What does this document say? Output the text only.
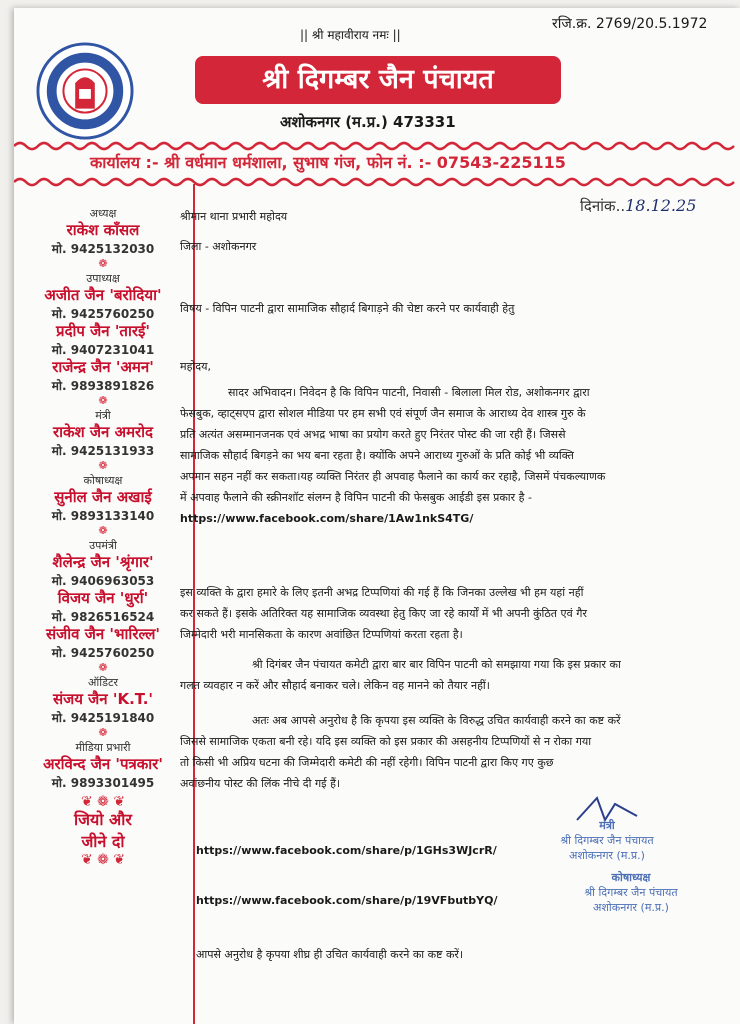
|| श्री महावीराय नमः ||
रजि.क्र. 2769/20.5.1972
श्री दिगम्बर जैन पंचायत
अशोकनगर (म.प्र.) 473331
कार्यालय :- श्री वर्धमान धर्मशाला, सुभाष गंज, फोन नं. :- 07543-225115
अध्यक्ष
राकेश काँसल
मो. 9425132030
❁
उपाध्यक्ष
अजीत जैन 'बरोदिया'
मो. 9425760250
प्रदीप जैन 'तारई'
मो. 9407231041
राजेन्द्र जैन 'अमन'
मो. 9893891826
❁
मंत्री
राकेश जैन अमरोद
मो. 9425131933
❁
कोषाध्यक्ष
सुनील जैन अखाई
मो. 9893133140
❁
उपमंत्री
शैलेन्द्र जैन 'श्रृंगार'
मो. 9406963053
विजय जैन 'धुर्रा'
मो. 9826516524
संजीव जैन 'भारिल्ल'
मो. 9425760250
❁
ऑडिटर
संजय जैन 'K.T.'
मो. 9425191840
❁
मीडिया प्रभारी
अरविन्द जैन 'पत्रकार'
मो. 9893301495
❦ ❁ ❦
जियो और
जीने दो
❦ ❁ ❦
दिनांक..18.12.25
श्रीमान थाना प्रभारी महोदय
जिला - अशोकनगर
विषय - विपिन पाटनी द्वारा सामाजिक सौहार्द बिगाड़ने की चेष्टा करने पर कार्यवाही हेतु
महोदय,
सादर अभिवादन। निवेदन है कि विपिन पाटनी, निवासी - बिलाला मिल रोड, अशोकनगर द्वारा
फेसबुक, व्हाट्सएप द्वारा सोशल मीडिया पर हम सभी एवं संपूर्ण जैन समाज के आराध्य देव शास्त्र गुरु के
प्रति अत्यंत असम्मानजनक एवं अभद्र भाषा का प्रयोग करते हुए निरंतर पोस्ट की जा रही हैं। जिससे
सामाजिक सौहार्द बिगड़ने का भय बना रहता है। क्योंकि अपने आराध्य गुरुओं के प्रति कोई भी व्यक्ति
अपमान सहन नहीं कर सकता।यह व्यक्ति निरंतर ही अपवाह फैलाने का कार्य कर रहाहै, जिसमें पंचकल्याणक
में अपवाह फैलाने की स्क्रीनशॉट संलग्न है विपिन पाटनी की फेसबुक आईडी इस प्रकार है -
https://www.facebook.com/share/1Aw1nkS4TG/
इस व्यक्ति के द्वारा हमारे के लिए इतनी अभद्र टिप्पणियां की गई हैं कि जिनका उल्लेख भी हम यहां नहीं
कर सकते हैं। इसके अतिरिक्त यह सामाजिक व्यवस्था हेतु किए जा रहे कार्यों में भी अपनी कुंठित एवं गैर
जिम्मेदारी भरी मानसिकता के कारण अवांछित टिप्पणियां करता रहता है।
श्री दिगंबर जैन पंचायत कमेटी द्वारा बार बार विपिन पाटनी को समझाया गया कि इस प्रकार का
गलत व्यवहार न करें और सौहार्द बनाकर चले। लेकिन वह मानने को तैयार नहीं।
अतः अब आपसे अनुरोध है कि कृपया इस व्यक्ति के विरुद्ध उचित कार्यवाही करने का कष्ट करें
जिससे सामाजिक एकता बनी रहे। यदि इस व्यक्ति को इस प्रकार की असहनीय टिप्पणियों से न रोका गया
तो किसी भी अप्रिय घटना की जिम्मेदारी कमेटी की नहीं रहेगी। विपिन पाटनी द्वारा किए गए कुछ
अवांछनीय पोस्ट की लिंक नीचे दी गई हैं।
https://www.facebook.com/share/p/1GHs3WJcrR/
https://www.facebook.com/share/p/19VFbutbYQ/
आपसे अनुरोध है कृपया शीघ्र ही उचित कार्यवाही करने का कष्ट करें।
मंत्री
श्री दिगम्बर जैन पंचायत
अशोकनगर (म.प्र.)
कोषाध्यक्ष
श्री दिगम्बर जैन पंचायत
अशोकनगर (म.प्र.)
